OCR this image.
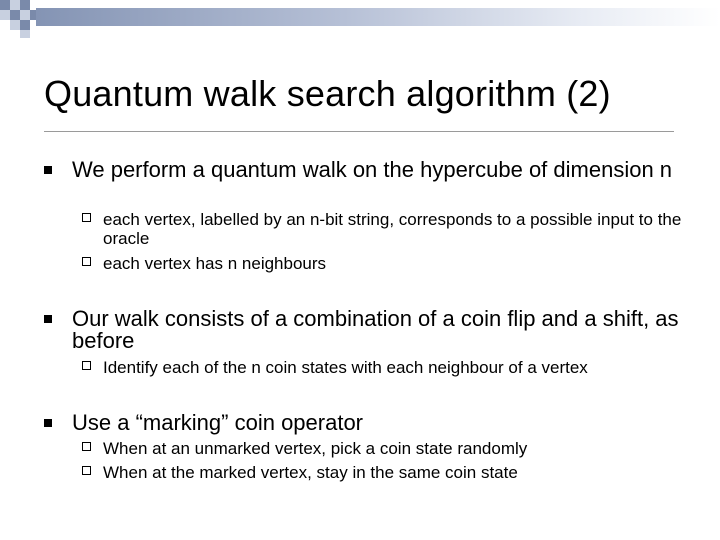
Quantum walk search algorithm (2)
We perform a quantum walk on the hypercube of dimension n
each vertex, labelled by an n-bit string, corresponds to a possible input to the oracle
each vertex has n neighbours
Our walk consists of a combination of a coin flip and a shift, as before
Identify each of the n coin states with each neighbour of a vertex
Use a “marking” coin operator
When at an unmarked vertex, pick a coin state randomly
When at the marked vertex, stay in the same coin state
